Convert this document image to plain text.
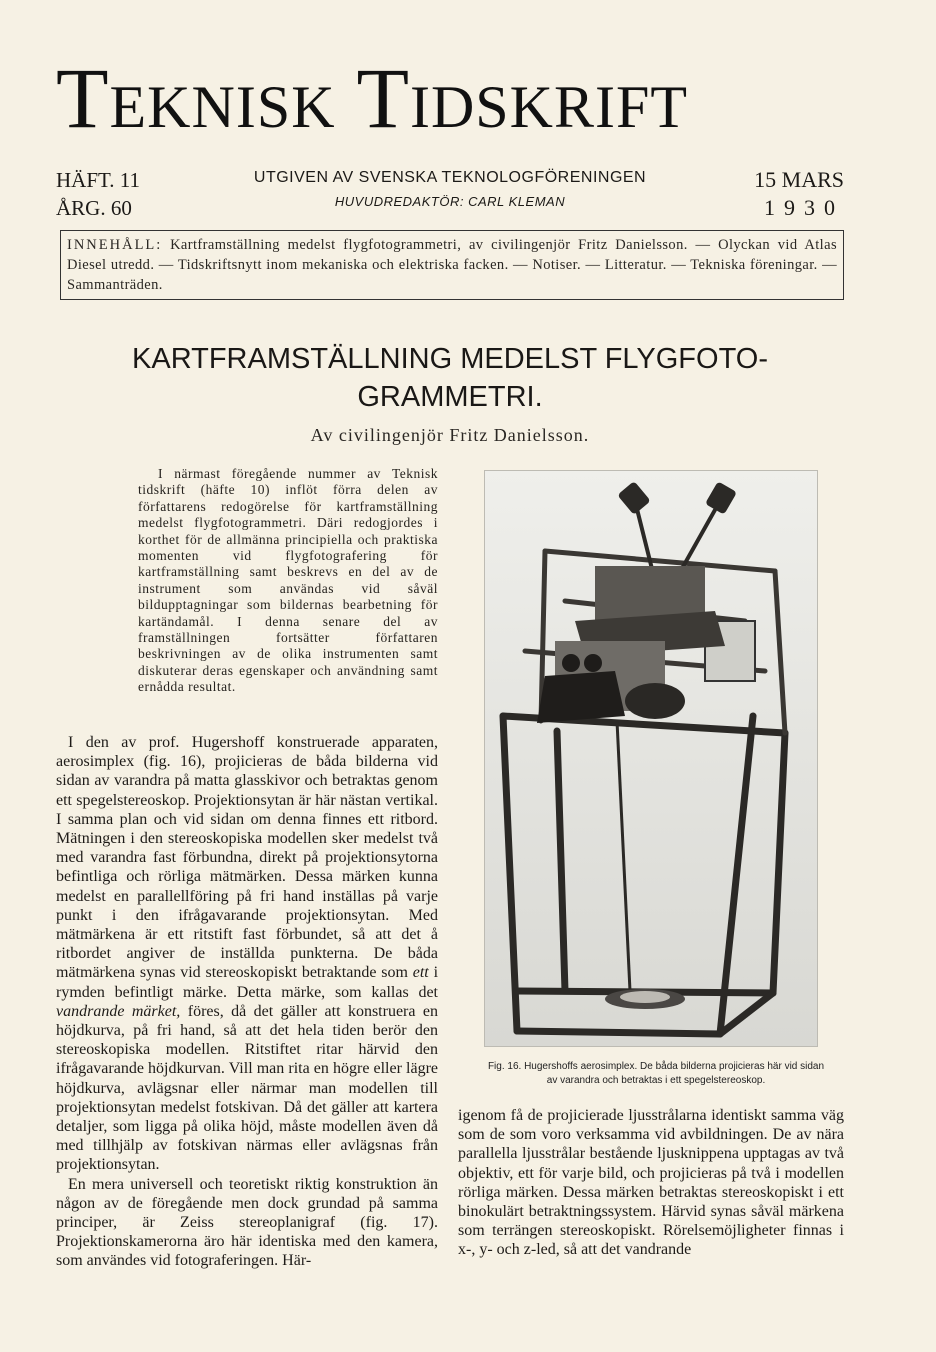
Teknisk Tidskrift
HÄFT. 11
ÅRG. 60
UTGIVEN AV SVENSKA TEKNOLOGFÖRENINGEN
HUVUDREDAKTÖR: CARL KLEMAN
15 MARS
1930
INNEHÅLL: Kartframställning medelst flygfotogrammetri, av civilingenjör Fritz Danielsson. — Olyckan vid Atlas Diesel utredd. — Tidskriftsnytt inom mekaniska och elektriska facken. — Notiser. — Litteratur. — Tekniska föreningar. — Sammanträden.
KARTFRAMSTÄLLNING MEDELST FLYGFOTO-
GRAMMETRI.
Av civilingenjör Fritz Danielsson.
I närmast föregående nummer av Teknisk tidskrift (häfte 10) inflöt förra delen av författarens redogörelse för kartframställning medelst flygfotogrammetri. Däri redogjordes i korthet för de allmänna principiella och praktiska momenten vid flygfotografering för kartframställning samt beskrevs en del av de instrument som användas vid såväl bildupptagningar som bildernas bearbetning för kartändamål. I denna senare del av framställningen fortsätter författaren beskrivningen av de olika instrumenten samt diskuterar deras egenskaper och användning samt ernådda resultat.

I den av prof. Hugershoff konstruerade apparaten, aerosimplex (fig. 16), projicieras de båda bilderna vid sidan av varandra på matta glasskivor och betraktas genom ett spegelstereoskop. Projektionsytan är här nästan vertikal. I samma plan och vid sidan om denna finnes ett ritbord. Mätningen i den stereoskopiska modellen sker medelst två med varandra fast förbundna, direkt på projektionsytorna befintliga och rörliga mätmärken. Dessa märken kunna medelst en parallellföring på fri hand inställas på varje punkt i den ifrågavarande projektionsytan. Med mätmärkena är ett ritstift fast förbundet, så att det å ritbordet angiver de inställda punkterna. De båda mätmärkena synas vid stereoskopiskt betraktande som ett i rymden befintligt märke. Detta märke, som kallas det vandrande märket, föres, då det gäller att konstruera en höjdkurva, på fri hand, så att det hela tiden berör den stereoskopiska modellen. Ritstiftet ritar härvid den ifrågavarande höjdkurvan. Vill man rita en högre eller lägre höjdkurva, avlägsnar eller närmar man modellen till projektionsytan medelst fotskivan. Då det gäller att kartera detaljer, som ligga på olika höjd, måste modellen även då med tillhjälp av fotskivan närmas eller avlägsnas från projektionsytan.

En mera universell och teoretiskt riktig konstruktion än någon av de föregående men dock grundad på samma principer, är Zeiss stereoplanigraf (fig. 17). Projektionskamerorna äro här identiska med den kamera, som användes vid fotograferingen. Här-

Fig. 16. Hugershoffs aerosimplex. De båda bilderna projicieras här vid sidan av varandra och betraktas i ett spegelstereoskop.
igenom få de projicierade ljusstrålarna identiskt samma väg som de som voro verksamma vid avbildningen. De av nära parallella ljusstrålar bestående ljusknippena upptagas av två objektiv, ett för varje bild, och projicieras på två i modellen rörliga märken. Dessa märken betraktas stereoskopiskt i ett binokulärt betraktningssystem. Härvid synas såväl märkena som terrängen stereoskopiskt. Rörelsemöjligheter finnas i x-, y- och z-led, så att det vandrande
